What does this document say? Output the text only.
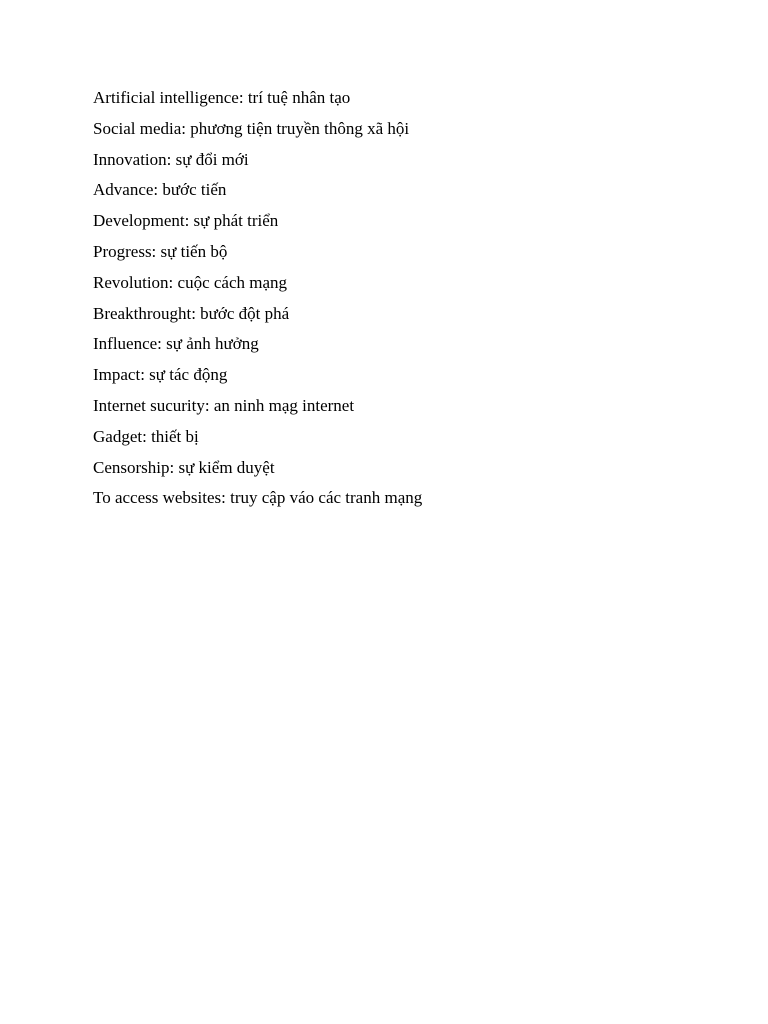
Artificial intelligence: trí tuệ nhân tạo
Social media: phương tiện truyền thông xã hội
Innovation: sự đổi mới
Advance: bước tiến
Development: sự phát triển
Progress: sự tiến bộ
Revolution: cuộc cách mạng
Breakthrought: bước đột phá
Influence: sự ảnh hưởng
Impact: sự tác động
Internet sucurity: an ninh mạg internet
Gadget: thiết bị
Censorship: sự kiểm duyệt
To access websites: truy cập váo các tranh mạng
